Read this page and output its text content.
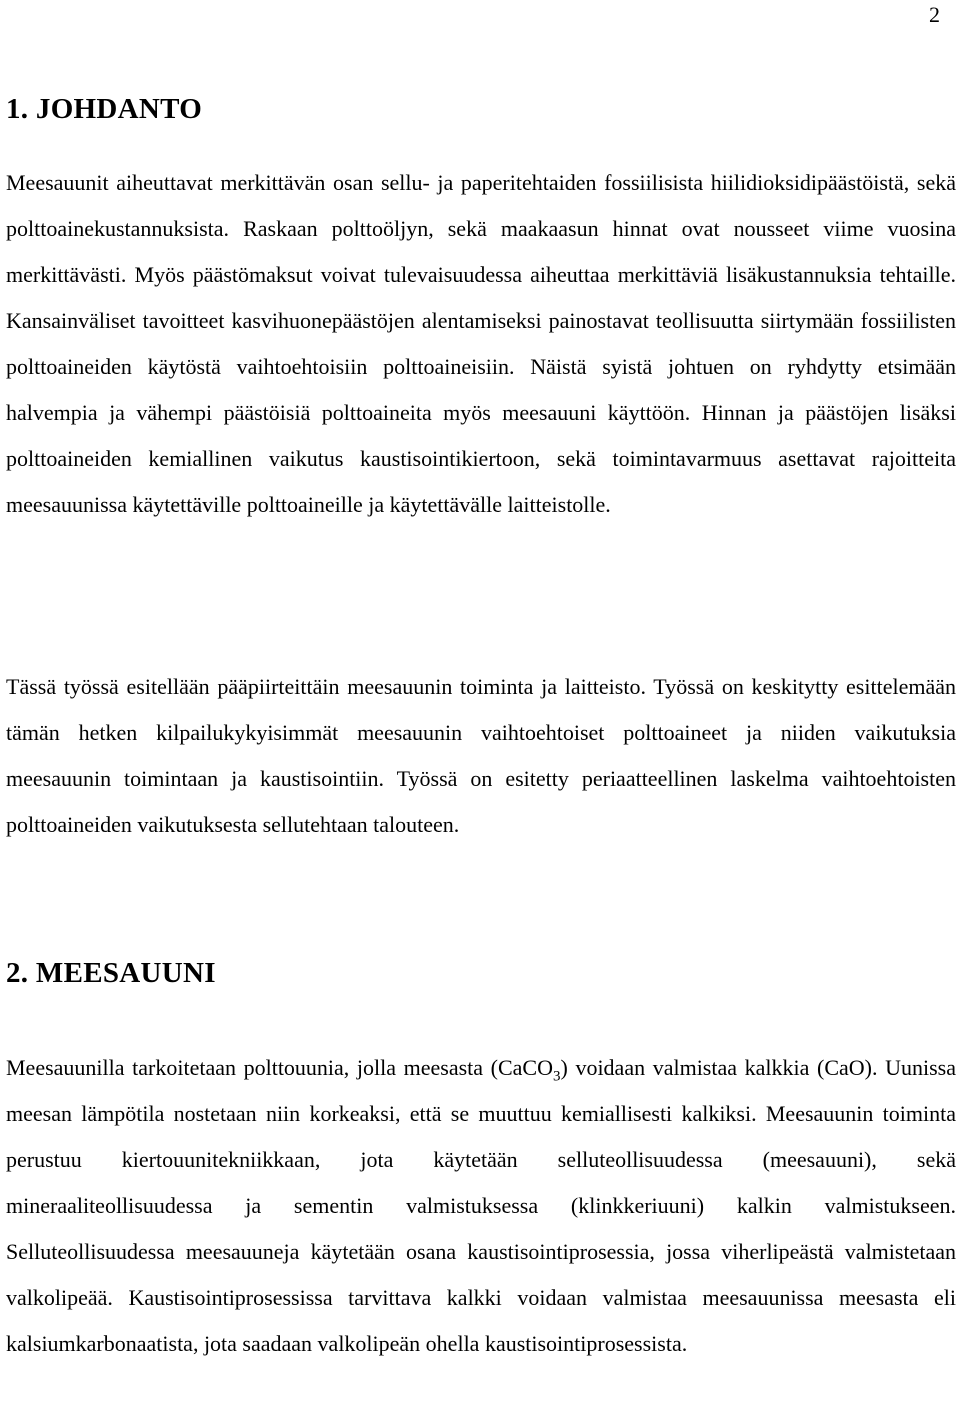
2
1. JOHDANTO

Meesauunit aiheuttavat merkittävän osan sellu- ja paperitehtaiden fossiilisista hiilidioksidipäästöistä, sekä polttoainekustannuksista. Raskaan polttoöljyn, sekä maakaasun hinnat ovat nousseet viime vuosina merkittävästi. Myös päästömaksut voivat tulevaisuudessa aiheuttaa merkittäviä lisäkustannuksia tehtaille. Kansainväliset tavoitteet kasvihuonepäästöjen alentamiseksi painostavat teollisuutta siirtymään fossiilisten polttoaineiden käytöstä vaihtoehtoisiin polttoaineisiin. Näistä syistä johtuen on ryhdytty etsimään halvempia ja vähempi päästöisiä polttoaineita myös meesauuni käyttöön. Hinnan ja päästöjen lisäksi polttoaineiden kemiallinen vaikutus kaustisointikiertoon, sekä toimintavarmuus asettavat rajoitteita meesauunissa käytettäville polttoaineille ja käytettävälle laitteistolle.

Tässä työssä esitellään pääpiirteittäin meesauunin toiminta ja laitteisto. Työssä on keskitytty esittelemään tämän hetken kilpailukykyisimmät meesauunin vaihtoehtoiset polttoaineet ja niiden vaikutuksia meesauunin toimintaan ja kaustisointiin. Työssä on esitetty periaatteellinen laskelma vaihtoehtoisten polttoaineiden vaikutuksesta sellutehtaan talouteen.

2. MEESAUUNI

Meesauunilla tarkoitetaan polttouunia, jolla meesasta (CaCO$_3$) voidaan valmistaa kalkkia (CaO). Uunissa meesan lämpötila nostetaan niin korkeaksi, että se muuttuu kemiallisesti kalkiksi. Meesauunin toiminta perustuu kiertouunitekniikkaan, jota käytetään selluteollisuudessa (meesauuni), sekä mineraaliteollisuudessa ja sementin valmistuksessa (klinkkeriuuni) kalkin valmistukseen. Selluteollisuudessa meesauuneja käytetään osana kaustisointiprosessia, jossa viherlipeästä valmistetaan valkolipeää. Kaustisointiprosessissa tarvittava kalkki voidaan valmistaa meesauunissa meesasta eli kalsiumkarbonaatista, jota saadaan valkolipeän ohella kaustisointiprosessista.
